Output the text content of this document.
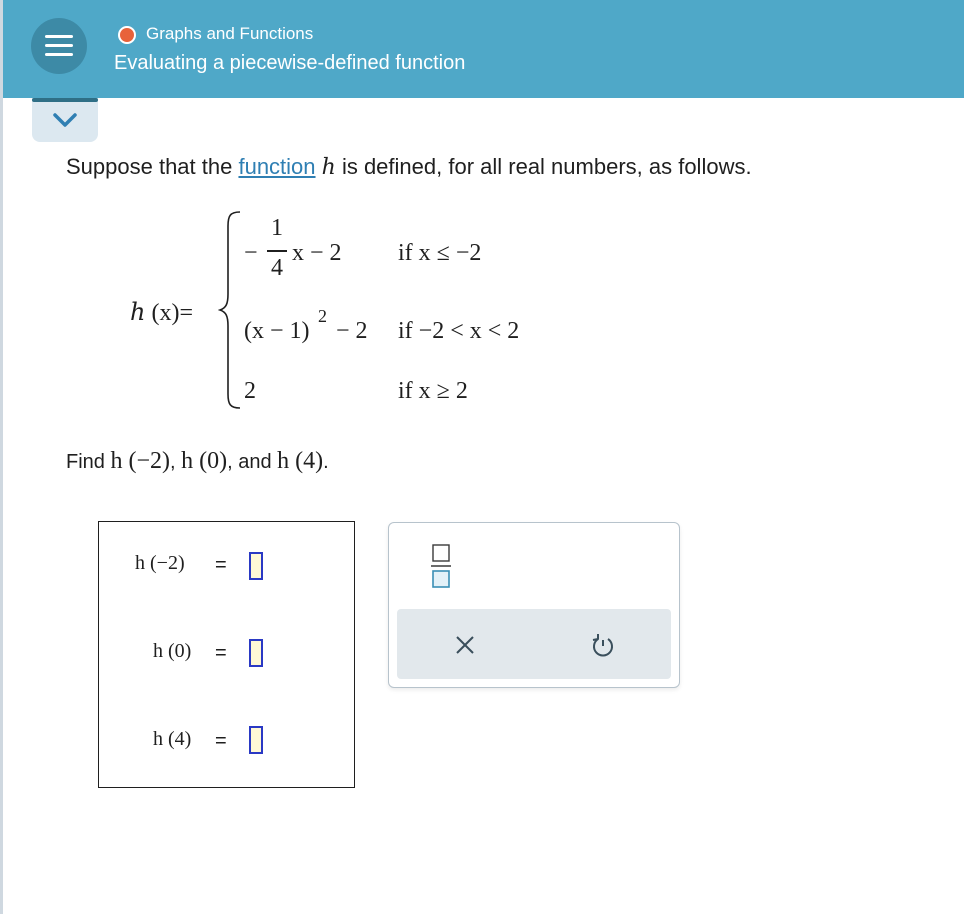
Graphs and Functions
Evaluating a piecewise-defined function
Suppose that the function h is defined, for all real numbers, as follows.
h (x)=
−
1
4
x − 2 if x ≤ −2
(x − 1)
2
− 2 if −2 < x < 2
2	if x ≥ 2
Find h (−2), h (0), and h (4).
h (−2) =
h (0) =
h (4) =
